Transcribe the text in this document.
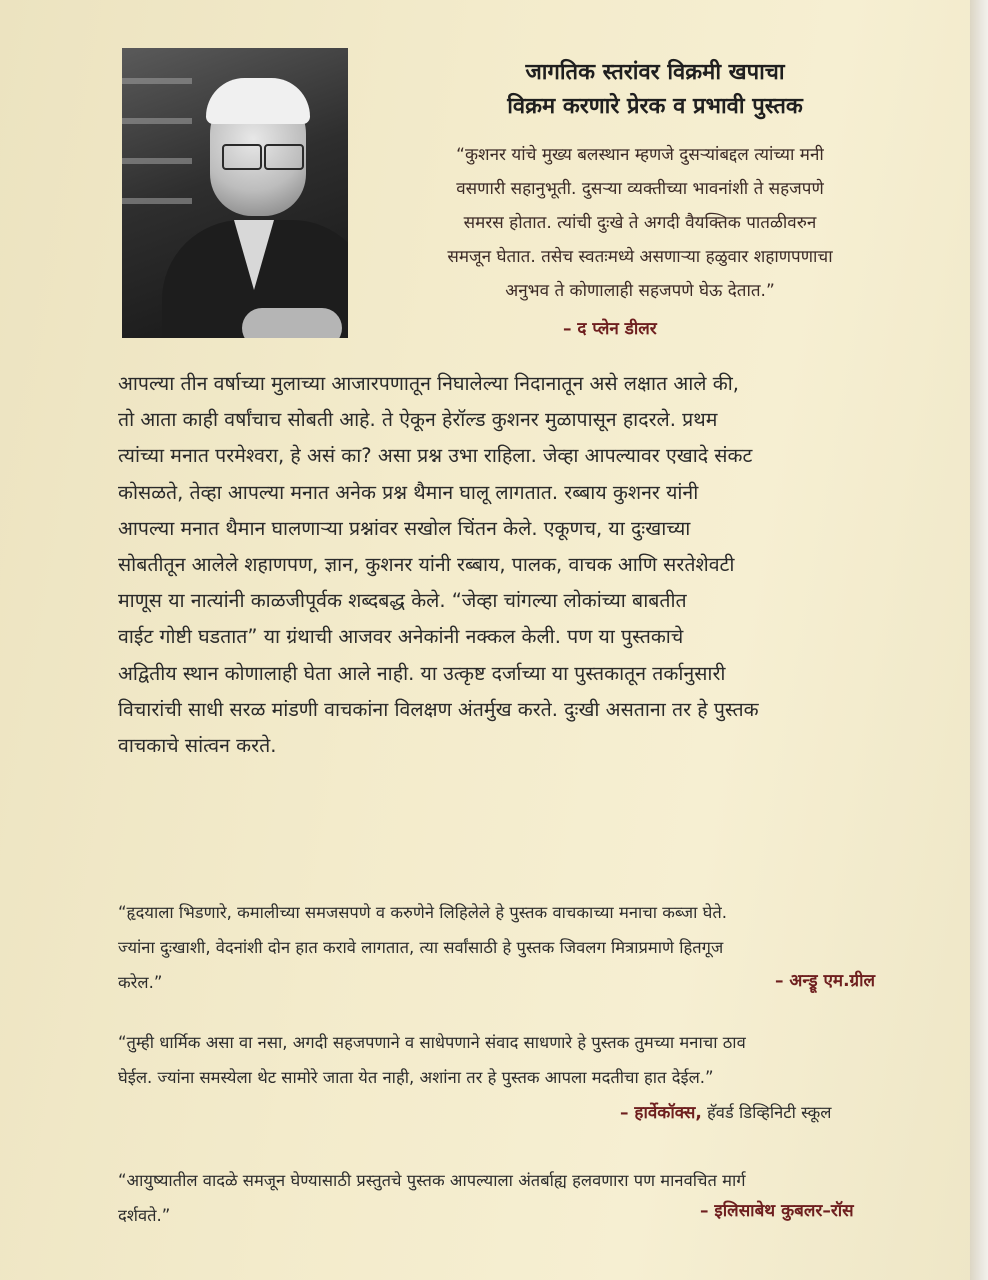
जागतिक स्तरांवर विक्रमी खपाचा
विक्रम करणारे प्रेरक व प्रभावी पुस्तक
“कुशनर यांचे मुख्य बलस्थान म्हणजे दुसऱ्यांबद्दल त्यांच्या मनी
वसणारी सहानुभूती. दुसऱ्या व्यक्तीच्या भावनांशी ते सहजपणे
समरस होतात. त्यांची दुःखे ते अगदी वैयक्तिक पातळीवरुन
समजून घेतात. तसेच स्वतःमध्ये असणाऱ्या हळुवार शहाणपणाचा
अनुभव ते कोणालाही सहजपणे घेऊ देतात.”
– द प्लेन डीलर
आपल्या तीन वर्षाच्या मुलाच्या आजारपणातून निघालेल्या निदानातून असे लक्षात आले की,
तो आता काही वर्षांचाच सोबती आहे. ते ऐकून हेरॉल्ड कुशनर मुळापासून हादरले. प्रथम
त्यांच्या मनात परमेश्वरा, हे असं का? असा प्रश्न उभा राहिला. जेव्हा आपल्यावर एखादे संकट
कोसळते, तेव्हा आपल्या मनात अनेक प्रश्न थैमान घालू लागतात. रब्बाय कुशनर यांनी
आपल्या मनात थैमान घालणाऱ्या प्रश्नांवर सखोल चिंतन केले. एकूणच, या दुःखाच्या
सोबतीतून आलेले शहाणपण, ज्ञान, कुशनर यांनी रब्बाय, पालक, वाचक आणि सरतेशेवटी
माणूस या नात्यांनी काळजीपूर्वक शब्दबद्ध केले. “जेव्हा चांगल्या लोकांच्या बाबतीत
वाईट गोष्टी घडतात” या ग्रंथाची आजवर अनेकांनी नक्कल केली. पण या पुस्तकाचे
अद्वितीय स्थान कोणालाही घेता आले नाही. या उत्कृष्ट दर्जाच्या या पुस्तकातून तर्कानुसारी
विचारांची साधी सरळ मांडणी वाचकांना विलक्षण अंतर्मुख करते. दुःखी असताना तर हे पुस्तक
वाचकाचे सांत्वन करते.
“हृदयाला भिडणारे, कमालीच्या समजसपणे व करुणेने लिहिलेले हे पुस्तक वाचकाच्या मनाचा कब्जा घेते.
ज्यांना दुःखाशी, वेदनांशी दोन हात करावे लागतात, त्या सर्वांसाठी हे पुस्तक जिवलग मित्राप्रमाणे हितगूज
करेल.”	– अन्ड्रू एम.ग्रील
“तुम्ही धार्मिक असा वा नसा, अगदी सहजपणाने व साधेपणाने संवाद साधणारे हे पुस्तक तुमच्या मनाचा ठाव
घेईल. ज्यांना समस्येला थेट सामोरे जाता येत नाही, अशांना तर हे पुस्तक आपला मदतीचा हात देईल.”
– हार्वेकॉक्स, हॅवर्ड डिव्हिनिटी स्कूल
“आयुष्यातील वादळे समजून घेण्यासाठी प्रस्तुतचे पुस्तक आपल्याला अंतर्बाह्य हलवणारा पण मानवचित मार्ग
दर्शवते.”	– इलिसाबेथ कुबलर–रॉस
